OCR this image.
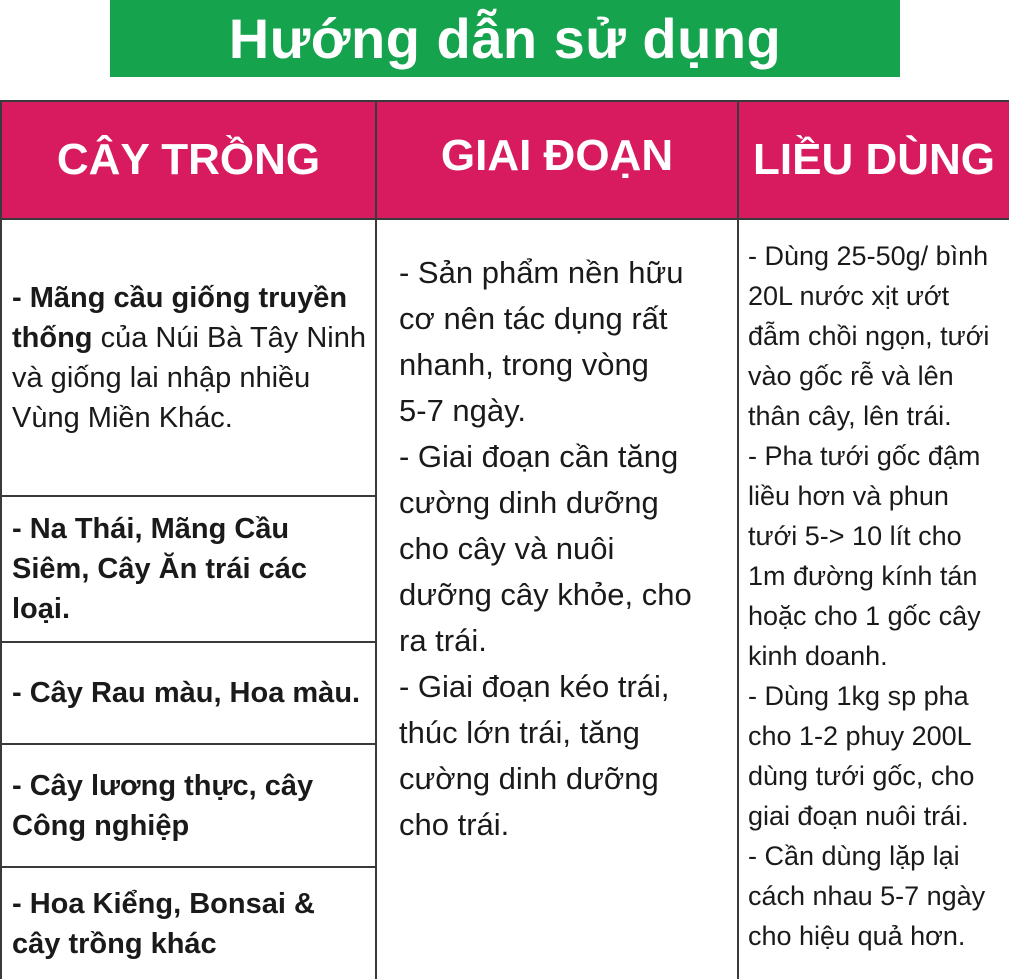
Hướng dẫn sử dụng
CÂY TRỒNG	GIAI ĐOẠN	LIỀU DÙNG
- Mãng cầu giống truyền thống của Núi Bà Tây Ninh và giống lai nhập nhiều Vùng Miền Khác.
- Na Thái, Mãng Cầu Siêm, Cây Ăn trái các loại.
- Cây Rau màu, Hoa màu.
- Cây lương thực, cây Công nghiệp
- Hoa Kiểng, Bonsai & cây trồng khác
- Sản phẩm nền hữu
cơ nên tác dụng rất
nhanh, trong vòng
5-7 ngày.
- Giai đoạn cần tăng
cường dinh dưỡng
cho cây và nuôi
dưỡng cây khỏe, cho
ra trái.
- Giai đoạn kéo trái,
thúc lớn trái, tăng
cường dinh dưỡng
cho trái.
- Dùng 25-50g/ bình
20L nước xịt ướt
đẫm chồi ngọn, tưới
vào gốc rễ và lên
thân cây, lên trái.
- Pha tưới gốc đậm
liều hơn và phun
tưới 5-> 10 lít cho
1m đường kính tán
hoặc cho 1 gốc cây
kinh doanh.
- Dùng 1kg sp pha
cho 1-2 phuy 200L
dùng tưới gốc, cho
giai đoạn nuôi trái.
- Cần dùng lặp lại
cách nhau 5-7 ngày
cho hiệu quả hơn.
